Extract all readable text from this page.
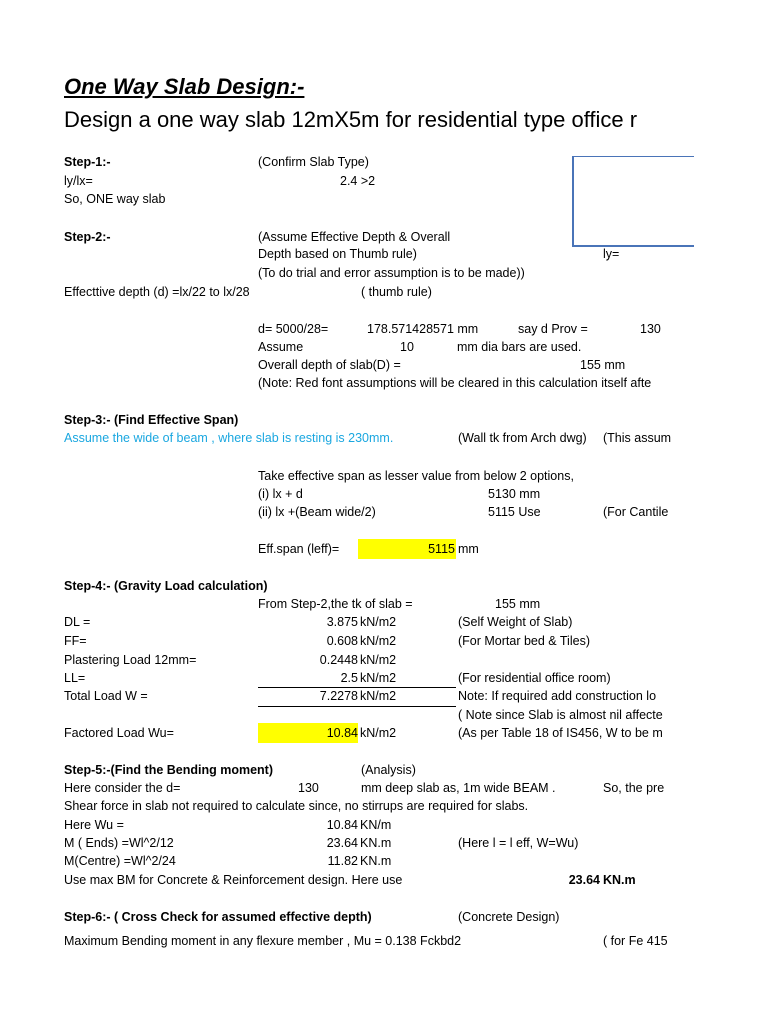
One Way Slab Design:-
Design a one way slab 12mX5m for residential type office r
Step-1:-	(Confirm Slab Type)
ly/lx=	2.4 >2
So, ONE way slab
Step-2:-	(Assume Effective Depth & Overall
Depth based on Thumb rule)	ly=
(To do trial and error assumption is to be made))
Effecttive depth (d) =lx/22 to lx/28	( thumb rule)
d= 5000/28=	178.571428571 mm	say d Prov =	130
Assume	10	mm dia bars are used.
Overall depth of slab(D) =	155 mm
(Note: Red font assumptions will be cleared in this calculation itself afte
Step-3:- (Find Effective Span)
Assume the wide of beam , where slab is resting is 230mm.	(Wall tk from Arch dwg) (This assum
Take effective span as lesser value from below 2 options,
(i) lx + d	5130 mm
(ii) lx +(Beam wide/2)	5115 Use	(For Cantile
Eff.span (leff)=	5115 mm
Step-4:- (Gravity Load calculation)
From Step-2,the tk of slab =	155 mm
DL =	3.875 kN/m2	(Self Weight of Slab)
FF=	0.608 kN/m2	(For Mortar bed & Tiles)
Plastering Load 12mm=	0.2448 kN/m2
LL=	2.5 kN/m2	(For residential office room)
Total Load W =	7.2278 kN/m2	Note: If required add construction lo
( Note since Slab is almost nil affecte
Factored Load Wu=	10.84 kN/m2	(As per Table 18 of IS456, W to be m
Step-5:-(Find the Bending moment)	(Analysis)
Here consider the d=	130	mm deep slab as, 1m wide BEAM .	So, the pre
Shear force in slab not required to calculate since, no stirrups are required for slabs.
Here Wu =	10.84 KN/m
M ( Ends) =Wl^2/12	23.64 KN.m	(Here l = l eff, W=Wu)
M(Centre) =Wl^2/24	11.82 KN.m
Use max BM for Concrete & Reinforcement design. Here use	23.64 KN.m
Step-6:- ( Cross Check for assumed effective depth)	(Concrete Design)
Maximum Bending moment in any flexure member , Mu = 0.138 Fckbd2	( for Fe 415
